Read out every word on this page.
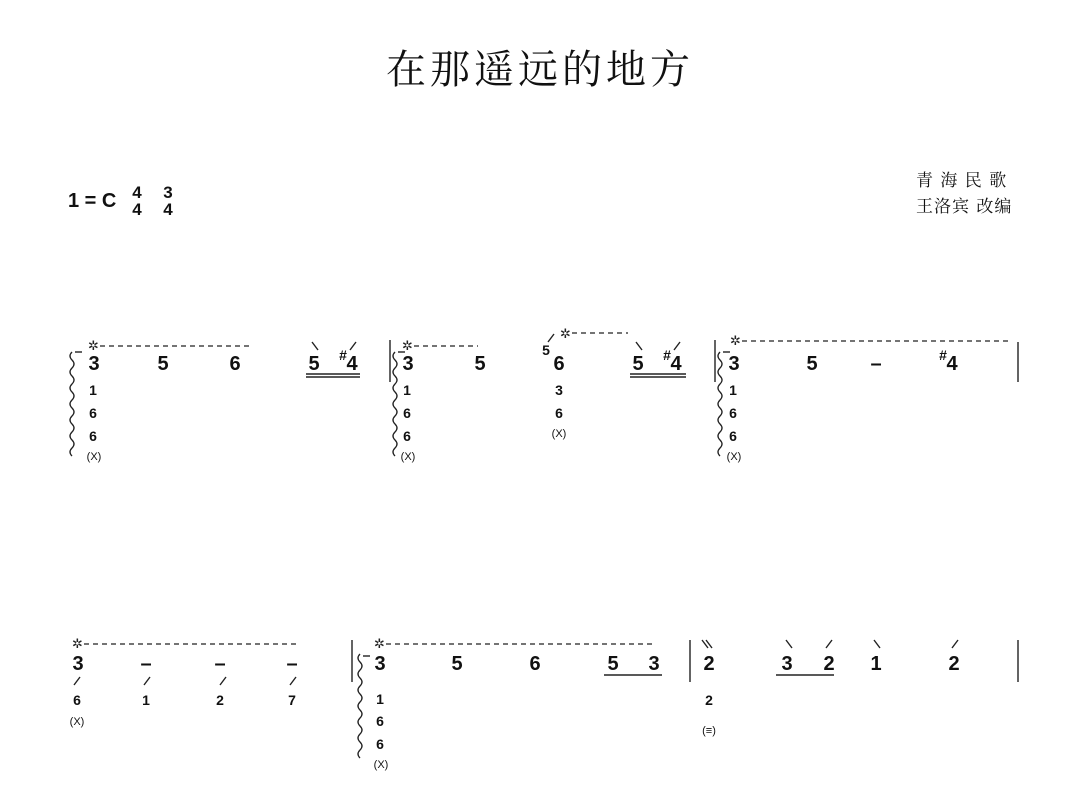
在那遥远的地方
青 海 民 歌
王洛宾 改编
1 = C 4
4
3
4
✲	✲
✲	✲
✲	✲
3	5	6	5 # 4
1
6
6
(X)
3	5
5
6	5 # 4
1
6
6
(X)
3
6
(X)
3	5	–	# 4
1
6
6
(X)
3	–	–	–
6	1	2	7
(X)
3	5	6	5 3
1
6
6
(X)
2	3 2 1	2
2
(≡)
